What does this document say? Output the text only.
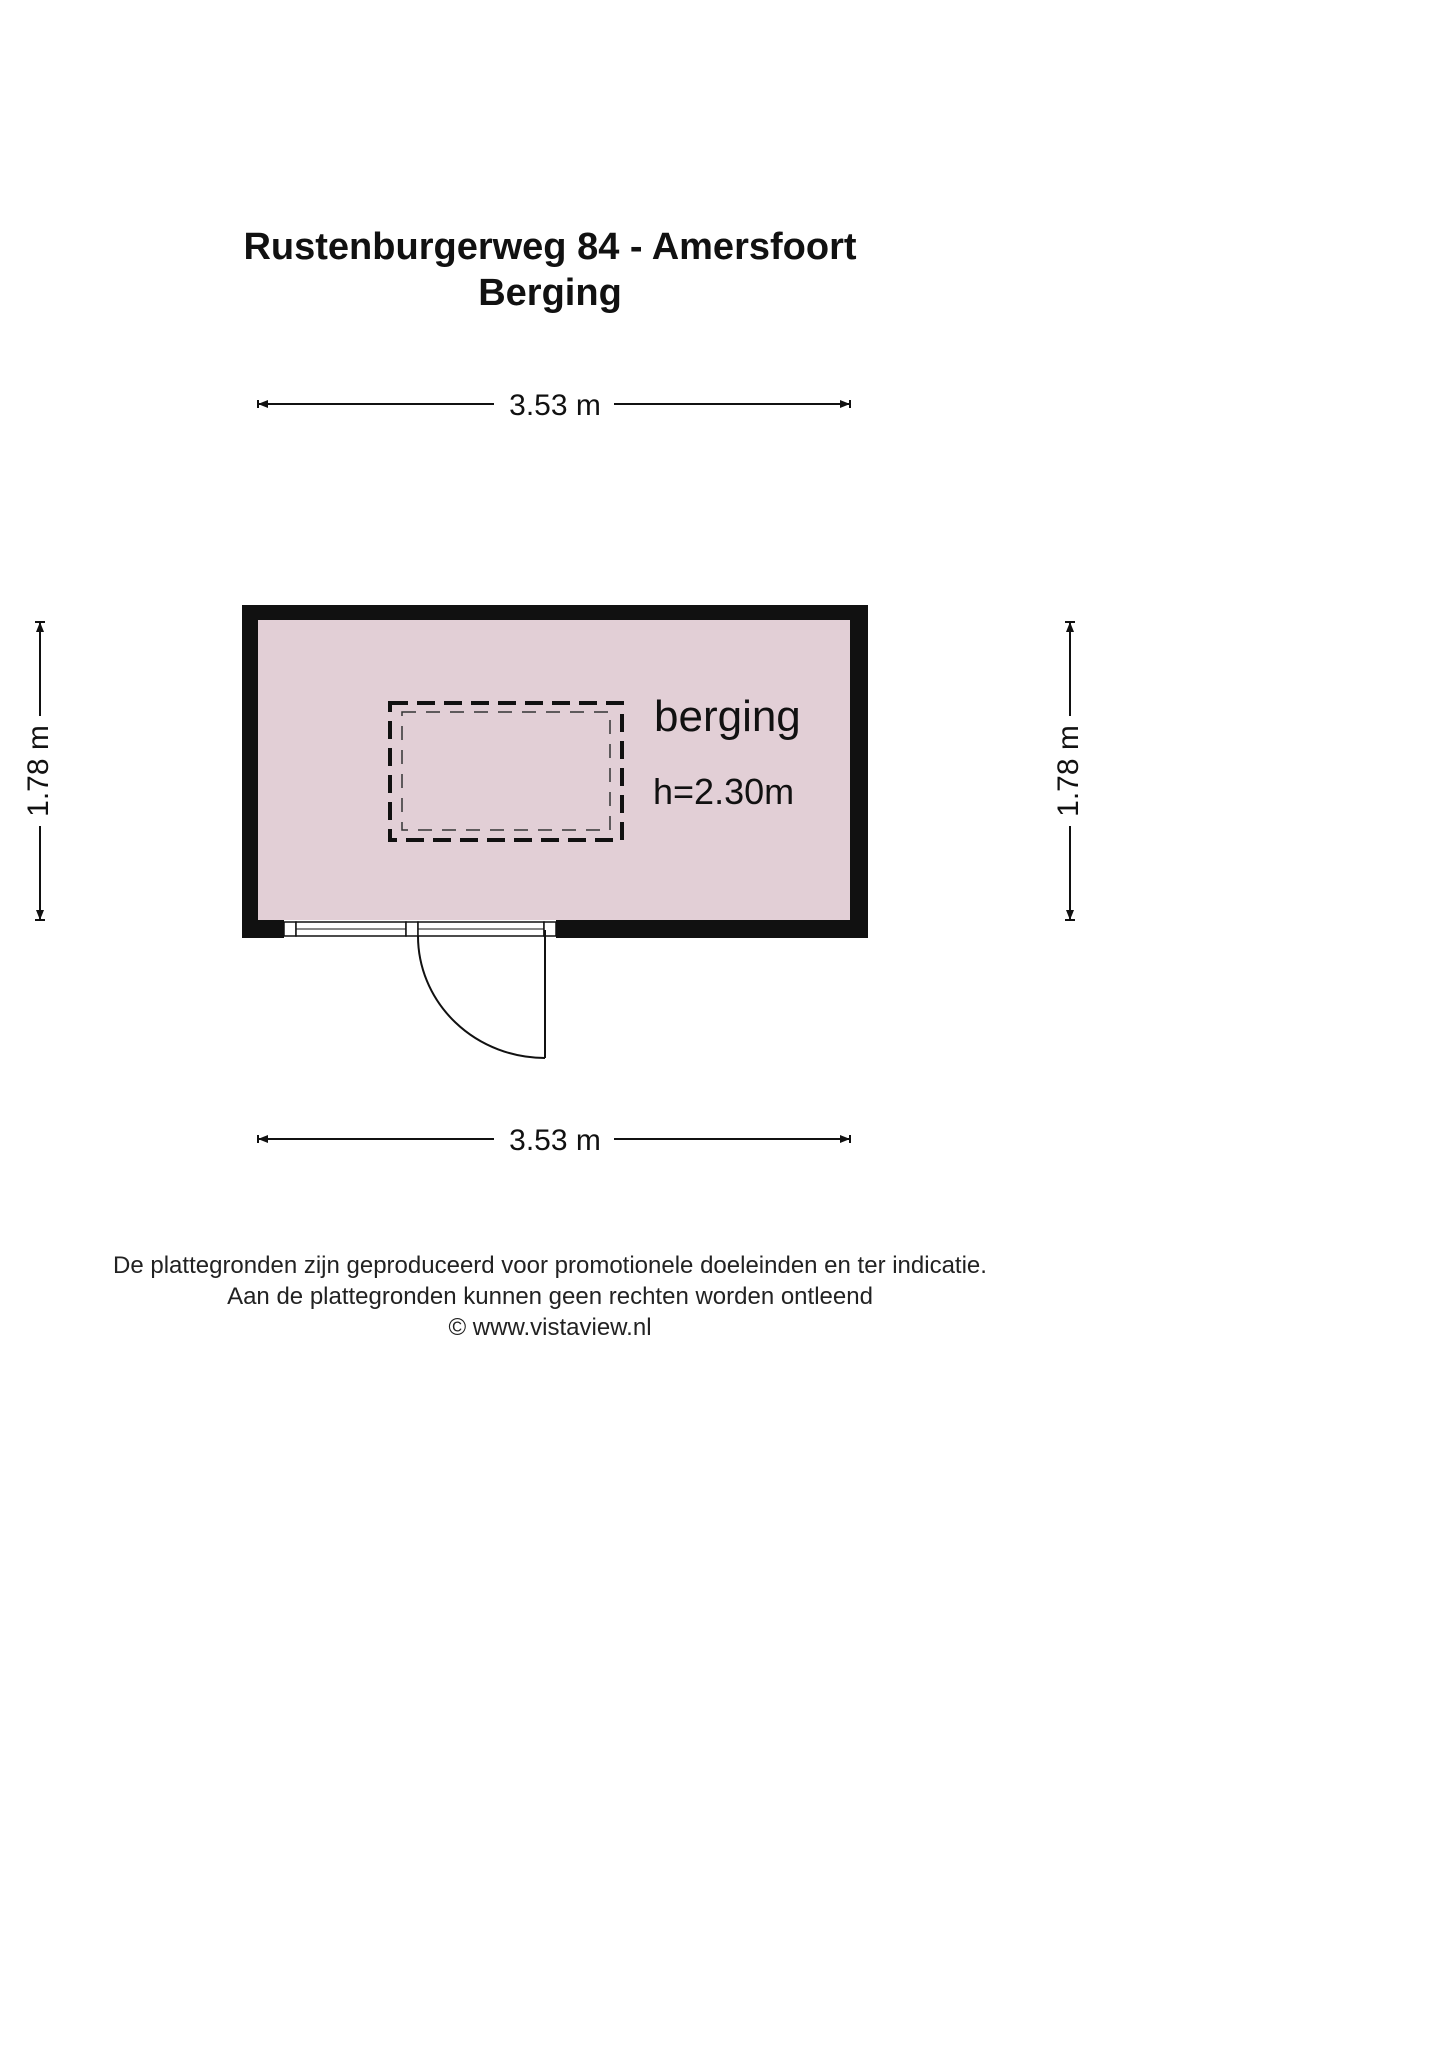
Rustenburgerweg 84 - Amersfoort
Berging
3.53 m
3.53 m
1.78 m	1.78 m
berging
h=2.30m
De plattegronden zijn geproduceerd voor promotionele doeleinden en ter indicatie.
Aan de plattegronden kunnen geen rechten worden ontleend
© www.vistaview.nl
